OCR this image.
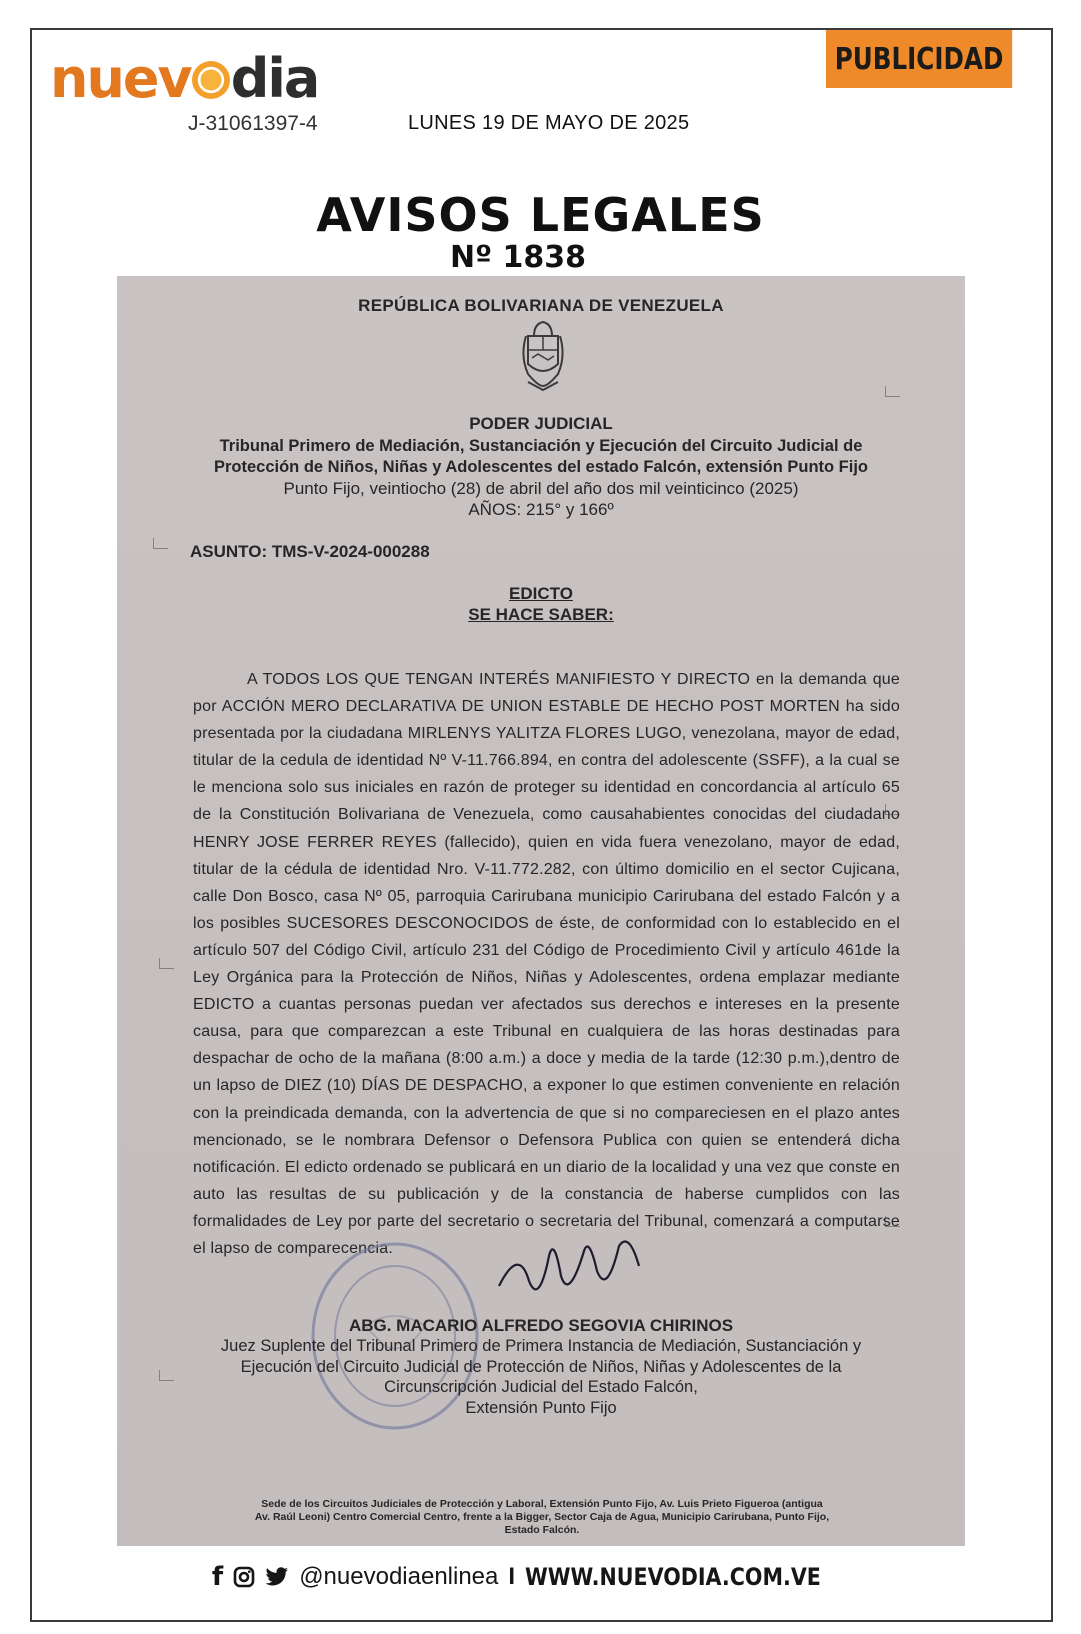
nuev dia
J-31061397-4	LUNES 19 DE MAYO DE 2025
PUBLICIDAD
AVISOS LEGALES
Nº 1838
REPÚBLICA BOLIVARIANA DE VENEZUELA
PODER JUDICIAL
Tribunal Primero de Mediación, Sustanciación y Ejecución del Circuito Judicial de
Protección de Niños, Niñas y Adolescentes del estado Falcón, extensión Punto Fijo
Punto Fijo, veintiocho (28) de abril del año dos mil veinticinco (2025)
AÑOS: 215° y 166º
ASUNTO: TMS-V-2024-000288
EDICTO
SE HACE SABER:
A TODOS LOS QUE TENGAN INTERÉS MANIFIESTO Y DIRECTO en la demanda que por ACCIÓN MERO DECLARATIVA DE UNION ESTABLE DE HECHO POST MORTEN ha sido presentada por la ciudadana MIRLENYS YALITZA FLORES LUGO, venezolana, mayor de edad, titular de la cedula de identidad Nº V-11.766.894, en contra del adolescente (SSFF), a la cual se le menciona solo sus iniciales en razón de proteger su identidad en concordancia al artículo 65 de la Constitución Bolivariana de Venezuela, como causahabientes conocidas del ciudadano HENRY JOSE FERRER REYES (fallecido), quien en vida fuera venezolano, mayor de edad, titular de la cédula de identidad Nro. V-11.772.282, con último domicilio en el sector Cujicana, calle Don Bosco, casa Nº 05, parroquia Carirubana municipio Carirubana del estado Falcón y a los posibles SUCESORES DESCONOCIDOS de éste, de conformidad con lo establecido en el artículo 507 del Código Civil, artículo 231 del Código de Procedimiento Civil y artículo 461de la Ley Orgánica para la Protección de Niños, Niñas y Adolescentes, ordena emplazar mediante EDICTO a cuantas personas puedan ver afectados sus derechos e intereses en la presente causa, para que comparezcan a este Tribunal en cualquiera de las horas destinadas para despachar de ocho de la mañana (8:00 a.m.) a doce y media de la tarde (12:30 p.m.),dentro de un lapso de DIEZ (10) DÍAS DE DESPACHO, a exponer lo que estimen conveniente en relación con la preindicada demanda, con la advertencia de que si no compareciesen en el plazo antes mencionado, se le nombrara Defensor o Defensora Publica con quien se entenderá dicha notificación. El edicto ordenado se publicará en un diario de la localidad y una vez que conste en auto las resultas de su publicación y de la constancia de haberse cumplidos con las formalidades de Ley por parte del secretario o secretaria del Tribunal, comenzará a computarse el lapso de comparecencia.
ABG. MACARIO ALFREDO SEGOVIA CHIRINOS
Juez Suplente del Tribunal Primero de Primera Instancia de Mediación, Sustanciación y
Ejecución del Circuito Judicial de Protección de Niños, Niñas y Adolescentes de la
Circunscripción Judicial del Estado Falcón,
Extensión Punto Fijo
Sede de los Circuitos Judiciales de Protección y Laboral, Extensión Punto Fijo, Av. Luis Prieto Figueroa (antigua
Av. Raúl Leoni) Centro Comercial Centro, frente a la Bigger, Sector Caja de Agua, Municipio Carirubana, Punto Fijo,
Estado Falcón.
f	@nuevodiaenlinea I WWW.NUEVODIA.COM.VE
